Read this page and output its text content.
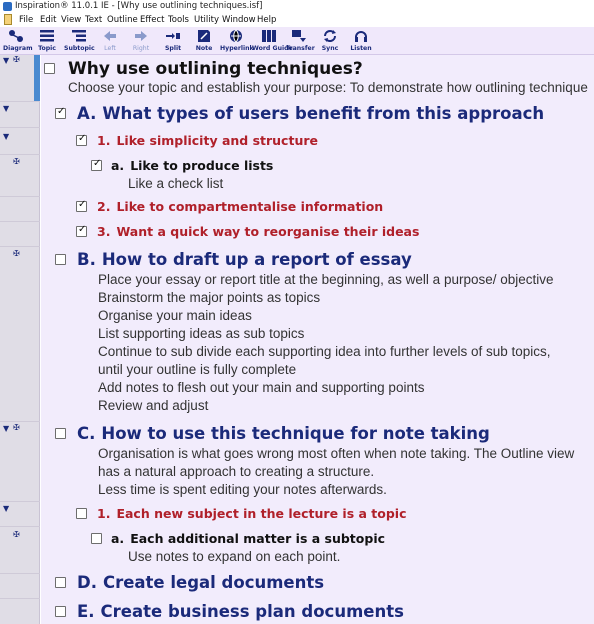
Inspiration® 11.0.1 IE - [Why use outlining techniques.isf]
File Edit View Text Outline Effect Tools Utility Window Help
Diagram Topic	Subtopic	Left	Right	Split	Note	Hyperlink
Word Guide
Transfer	Sync	Listen
▼ ✠
▼
▼
✠
✠
▼ ✠
▼
✠
Why use outlining techniques?
Choose your topic and establish your purpose: To demonstrate how outlining technique
✓
A. What types of users benefit from this approach
✓
1. Like simplicity and structure
✓
a. Like to produce lists
Like a check list
✓
2. Like to compartmentalise information
✓
3. Want a quick way to reorganise their ideas
B. How to draft up a report of essay
Place your essay or report title at the beginning, as well a purpose/ objective
Brainstorm the major points as topics
Organise your main ideas
List supporting ideas as sub topics
Continue to sub divide each supporting idea into further levels of sub topics,
until your outline is fully complete
Add notes to flesh out your main and supporting points
Review and adjust
C. How to use this technique for note taking
Organisation is what goes wrong most often when note taking. The Outline view
has a natural approach to creating a structure.
Less time is spent editing your notes afterwards.
1. Each new subject in the lecture is a topic
a. Each additional matter is a subtopic
Use notes to expand on each point.
D. Create legal documents
E. Create business plan documents
